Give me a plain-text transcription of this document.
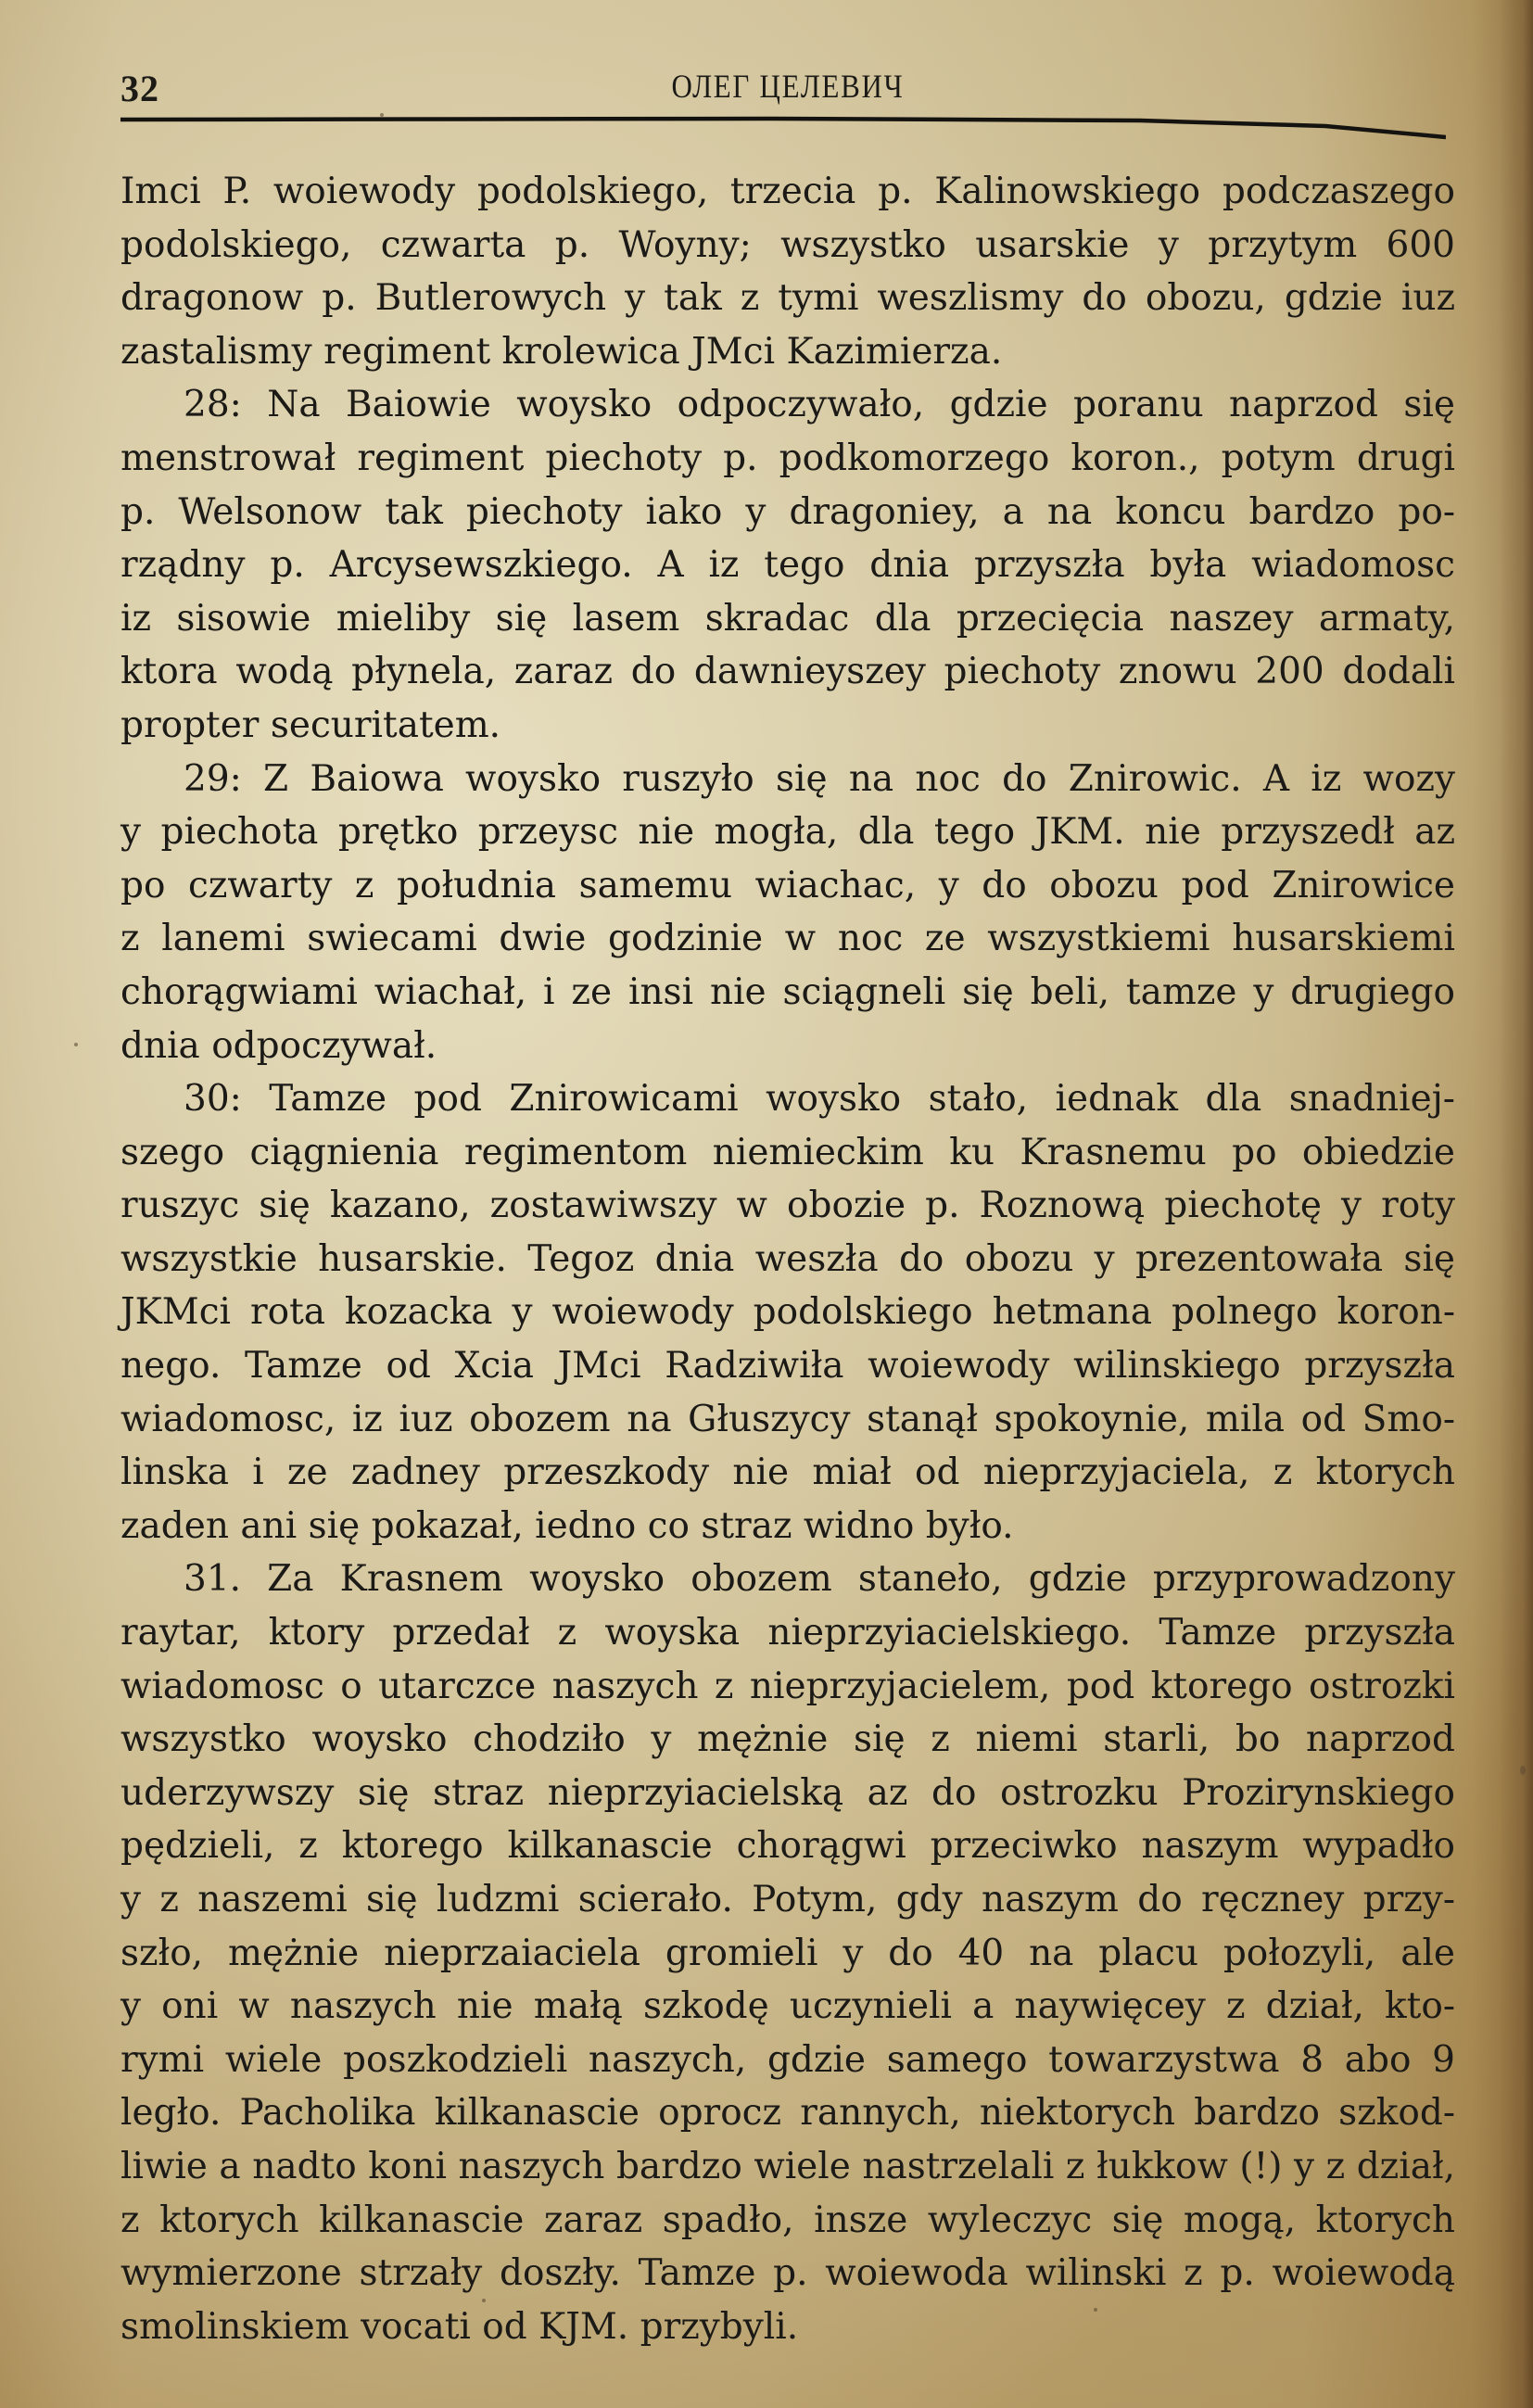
32	ОЛЕГ ЦЕЛЕВИЧ
Imci P. woiewody podolskiego, trzecia p. Kalinowskiego podczaszego
podolskiego, czwarta p. Woyny; wszystko usarskie y przytym 600
dragonow p. Butlerowych y tak z tymi weszlismy do obozu, gdzie iuz
zastalismy regiment krolewica JMci Kazimierza.
28: Na Baiowie woysko odpoczywało, gdzie poranu naprzod się
menstrował regiment piechoty p. podkomorzego koron., potym drugi
p. Welsonow tak piechoty iako y dragoniey, a na koncu bardzo po-
rządny p. Arcysewszkiego. A iz tego dnia przyszła była wiadomosc
iz sisowie mieliby się lasem skradac dla przecięcia naszey armaty,
ktora wodą płynela, zaraz do dawnieyszey piechoty znowu 200 dodali
propter securitatem.
29: Z Baiowa woysko ruszyło się na noc do Znirowic. A iz wozy
y piechota prętko przeysc nie mogła, dla tego JKM. nie przyszedł az
po czwarty z południa samemu wiachac, y do obozu pod Znirowice
z lanemi swiecami dwie godzinie w noc ze wszystkiemi husarskiemi
chorągwiami wiachał, i ze insi nie sciągneli się beli, tamze y drugiego
dnia odpoczywał.
30: Tamze pod Znirowicami woysko stało, iednak dla snadniej-
szego ciągnienia regimentom niemieckim ku Krasnemu po obiedzie
ruszyc się kazano, zostawiwszy w obozie p. Roznową piechotę y roty
wszystkie husarskie. Tegoz dnia weszła do obozu y prezentowała się
JKMci rota kozacka y woiewody podolskiego hetmana polnego koron-
nego. Tamze od Xcia JMci Radziwiła woiewody wilinskiego przyszła
wiadomosc, iz iuz obozem na Głuszycy stanął spokoynie, mila od Smo-
linska i ze zadney przeszkody nie miał od nieprzyjaciela, z ktorych
zaden ani się pokazał, iedno co straz widno było.
31. Za Krasnem woysko obozem staneło, gdzie przyprowadzony
raytar, ktory przedał z woyska nieprzyiacielskiego. Tamze przyszła
wiadomosc o utarczce naszych z nieprzyjacielem, pod ktorego ostrozki
wszystko woysko chodziło y mężnie się z niemi starli, bo naprzod
uderzywszy się straz nieprzyiacielską az do ostrozku Prozirynskiego
pędzieli, z ktorego kilkanascie chorągwi przeciwko naszym wypadło
y z naszemi się ludzmi scierało. Potym, gdy naszym do ręczney przy-
szło, mężnie nieprzaiaciela gromieli y do 40 na placu połozyli, ale
y oni w naszych nie małą szkodę uczynieli a naywięcey z dział, kto-
rymi wiele poszkodzieli naszych, gdzie samego towarzystwa 8 abo 9
legło. Pacholika kilkanascie oprocz rannych, niektorych bardzo szkod-
liwie a nadto koni naszych bardzo wiele nastrzelali z łukkow (!) y z dział,
z ktorych kilkanascie zaraz spadło, insze wyleczyc się mogą, ktorych
wymierzone strzały doszły. Tamze p. woiewoda wilinski z p. woiewodą
smolinskiem vocati od KJM. przybyli.
